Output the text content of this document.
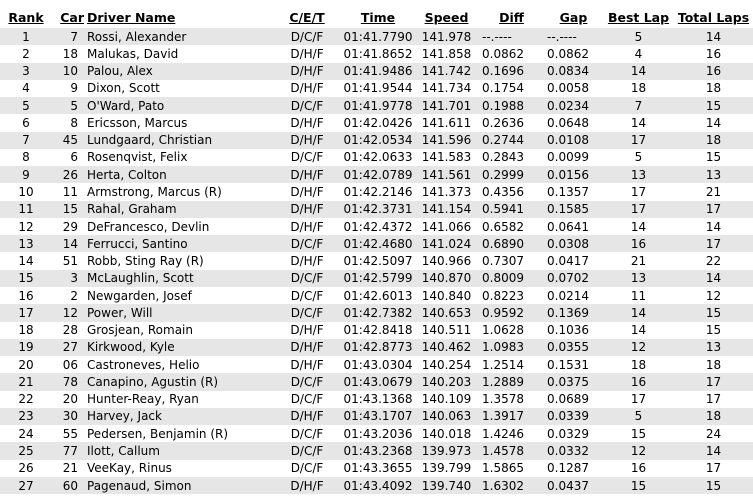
Rank	Car	Driver Name	C/E/T	Time	Speed	Diff	Gap	Best Lap	Total Laps
1	7	Rossi, Alexander	D/C/F	01:41.7790	141.978	--.----	--.----	5	14
2	18	Malukas, David	D/H/F	01:41.8652	141.858	0.0862	0.0862	4	16
3	10	Palou, Alex	D/H/F	01:41.9486	141.742	0.1696	0.0834	14	16
4	9	Dixon, Scott	D/H/F	01:41.9544	141.734	0.1754	0.0058	18	18
5	5	O'Ward, Pato	D/C/F	01:41.9778	141.701	0.1988	0.0234	7	15
6	8	Ericsson, Marcus	D/H/F	01:42.0426	141.611	0.2636	0.0648	14	14
7	45	Lundgaard, Christian	D/H/F	01:42.0534	141.596	0.2744	0.0108	17	18
8	6	Rosenqvist, Felix	D/C/F	01:42.0633	141.583	0.2843	0.0099	5	15
9	26	Herta, Colton	D/H/F	01:42.0789	141.561	0.2999	0.0156	13	13
10	11	Armstrong, Marcus (R)	D/H/F	01:42.2146	141.373	0.4356	0.1357	17	21
11	15	Rahal, Graham	D/H/F	01:42.3731	141.154	0.5941	0.1585	17	17
12	29	DeFrancesco, Devlin	D/H/F	01:42.4372	141.066	0.6582	0.0641	14	14
13	14	Ferrucci, Santino	D/C/F	01:42.4680	141.024	0.6890	0.0308	16	17
14	51	Robb, Sting Ray (R)	D/H/F	01:42.5097	140.966	0.7307	0.0417	21	22
15	3	McLaughlin, Scott	D/C/F	01:42.5799	140.870	0.8009	0.0702	13	14
16	2	Newgarden, Josef	D/C/F	01:42.6013	140.840	0.8223	0.0214	11	12
17	12	Power, Will	D/C/F	01:42.7382	140.653	0.9592	0.1369	14	15
18	28	Grosjean, Romain	D/H/F	01:42.8418	140.511	1.0628	0.1036	14	15
19	27	Kirkwood, Kyle	D/H/F	01:42.8773	140.462	1.0983	0.0355	12	13
20	06	Castroneves, Helio	D/H/F	01:43.0304	140.254	1.2514	0.1531	18	18
21	78	Canapino, Agustin (R)	D/C/F	01:43.0679	140.203	1.2889	0.0375	16	17
22	20	Hunter-Reay, Ryan	D/C/F	01:43.1368	140.109	1.3578	0.0689	17	17
23	30	Harvey, Jack	D/H/F	01:43.1707	140.063	1.3917	0.0339	5	18
24	55	Pedersen, Benjamin (R)	D/C/F	01:43.2036	140.018	1.4246	0.0329	15	24
25	77	Ilott, Callum	D/C/F	01:43.2368	139.973	1.4578	0.0332	12	14
26	21	VeeKay, Rinus	D/C/F	01:43.3655	139.799	1.5865	0.1287	16	17
27	60	Pagenaud, Simon	D/H/F	01:43.4092	139.740	1.6302	0.0437	15	15
